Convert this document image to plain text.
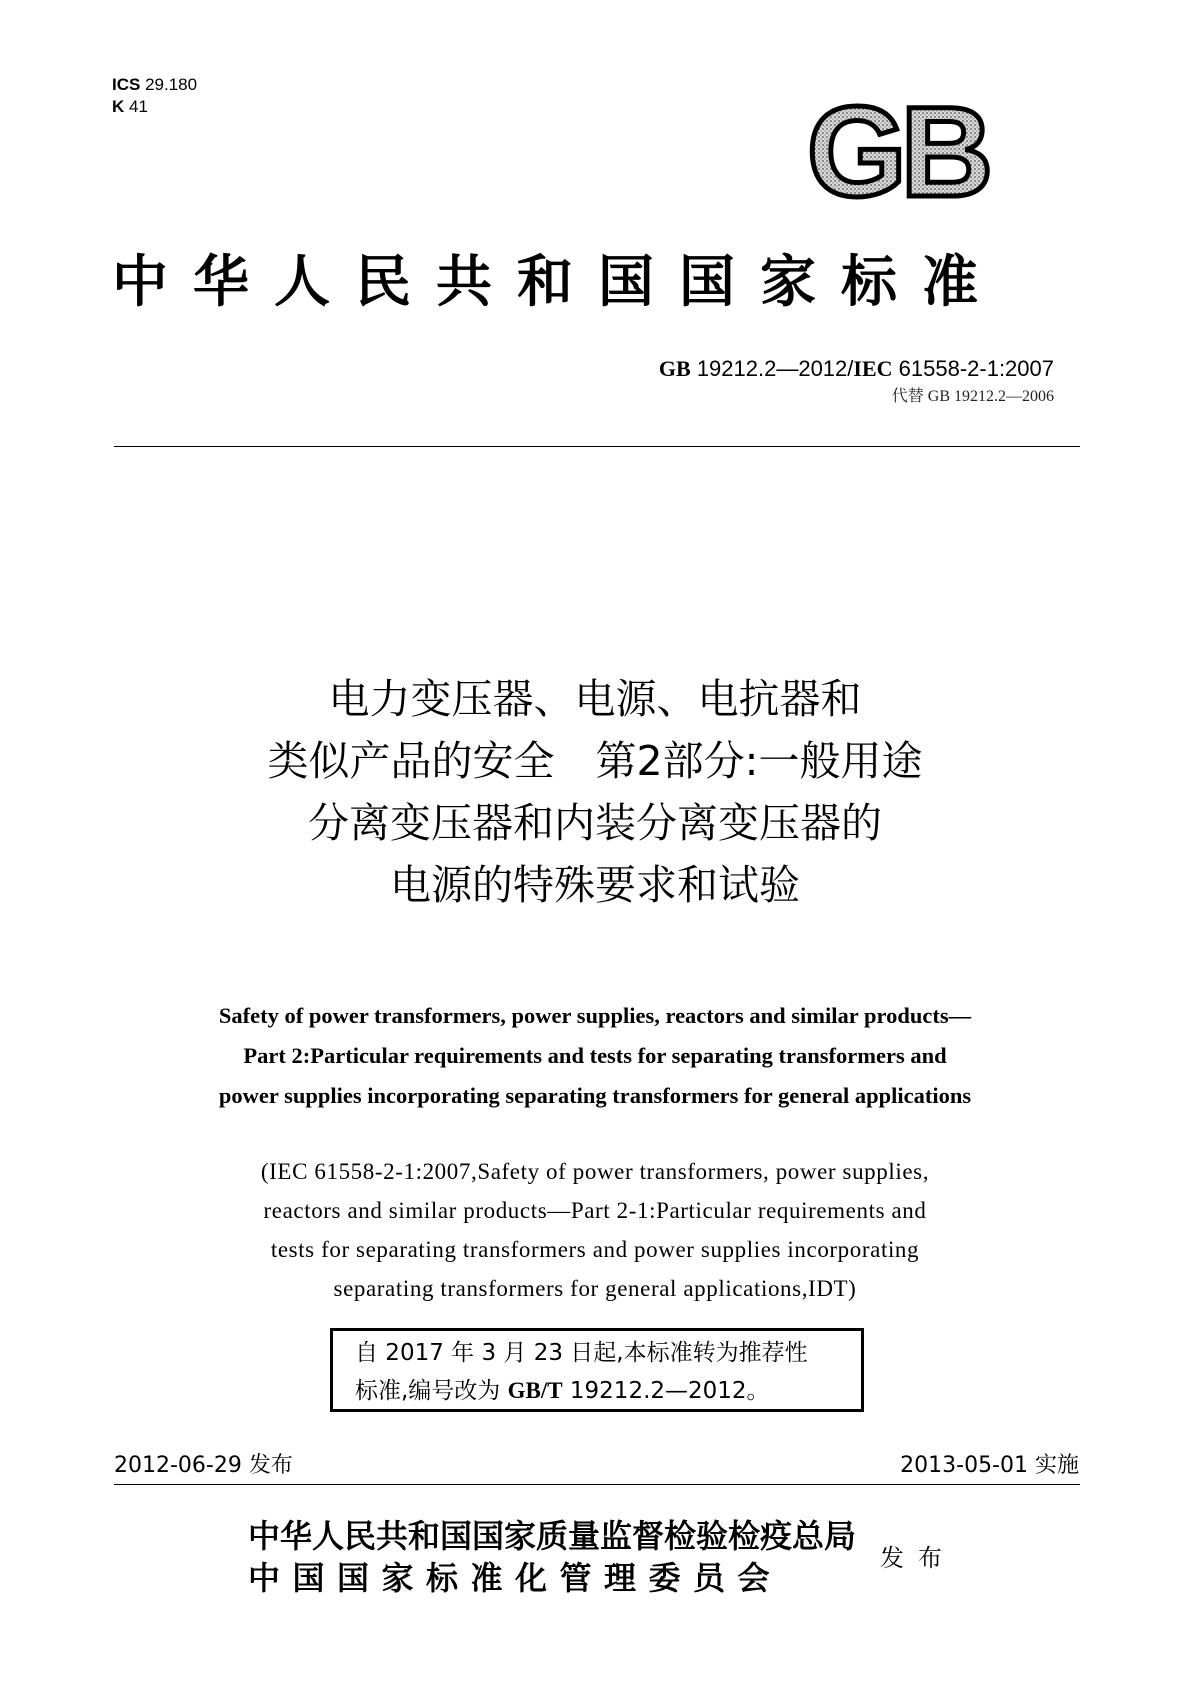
ICS 29.180
K 41	GB
中华人民共和国国家标准
GB 19212.2—2012/IEC 61558-2-1:2007
代替 GB 19212.2—2006
电力变压器、电源、电抗器和
类似产品的安全　第2部分:一般用途
分离变压器和内装分离变压器的
电源的特殊要求和试验
Safety of power transformers, power supplies, reactors and similar products—
Part 2:Particular requirements and tests for separating transformers and
power supplies incorporating separating transformers for general applications
(IEC 61558-2-1:2007,Safety of power transformers, power supplies,
reactors and similar products—Part 2-1:Particular requirements and
tests for separating transformers and power supplies incorporating
separating transformers for general applications,IDT)
自 2017 年 3 月 23 日起,本标准转为推荐性
标准,编号改为 GB/T 19212.2—2012。
2012-06-29 发布	2013-05-01 实施
中华人民共和国国家质量监督检验检疫总局
中国国家标准化管理委员会
发布
